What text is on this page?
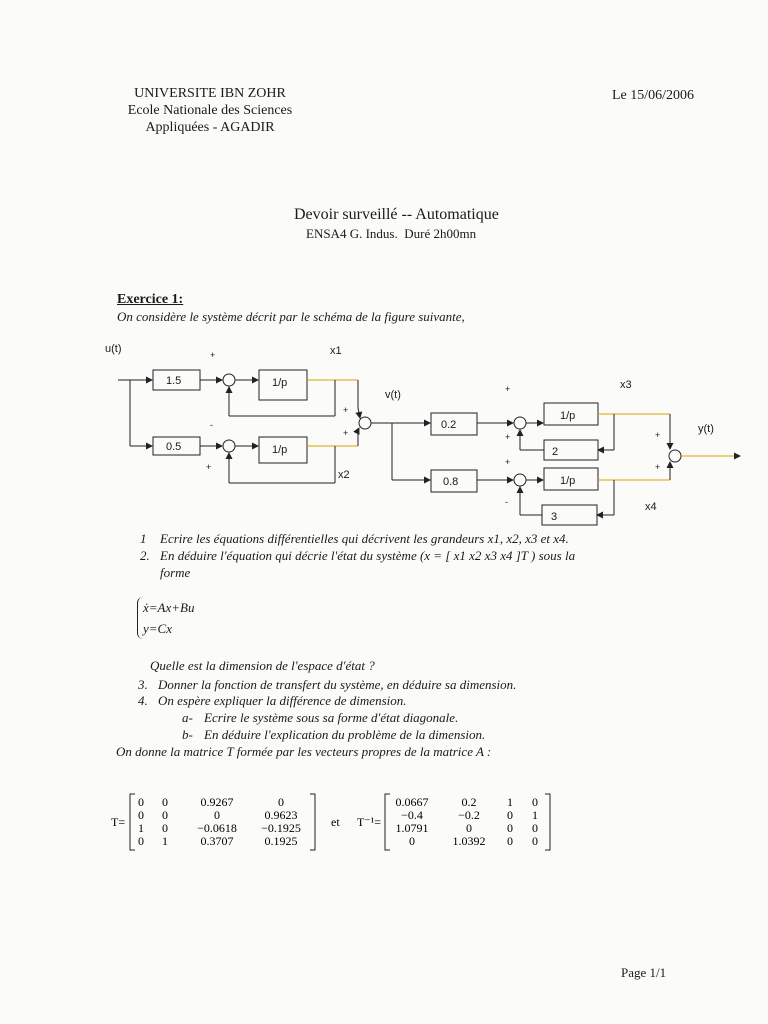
UNIVERSITE IBN ZOHR
Ecole Nationale des Sciences
Appliquées - AGADIR
Le 15/06/2006
Devoir surveillé -- Automatique
ENSA4 G. Indus.  Duré 2h00mn
Exercice 1:
On considère le système décrit par le schéma de la figure suivante,
u(t)
1.5
0.5
1/p
1/p
x1
x2
v(t)
0.2
0.8
1/p
1/p
2
3
x3
x4
y(t)
+
-
+
+
+
+
+
+
-
+
+
1 Ecrire les équations différentielles qui décrivent les grandeurs x1, x2, x3 et x4.
2. En déduire l'équation qui décrie l'état du système (x = [ x1 x2 x3 x4 ]T ) sous la
forme
ẋ=Ax+Bu
y=Cx
Quelle est la dimension de l'espace d'état ?
3. Donner la fonction de transfert du système, en déduire sa dimension.
4. On espère expliquer la différence de dimension.
a- Ecrire le système sous sa forme d'état diagonale.
b- En déduire l'explication du problème de la dimension.
On donne la matrice T formée par les vecteurs propres de la matrice A :
T=	et T⁻¹=
0 0	0.9267	0
0 0	0	0.9623
1 0 −0.0618 −0.1925
0 1	0.3707	0.1925
0.0667	0.2	1 0
−0.4	−0.2 0 1
1.0791	0	0 0
0	1.0392 0 0
Page 1/1
